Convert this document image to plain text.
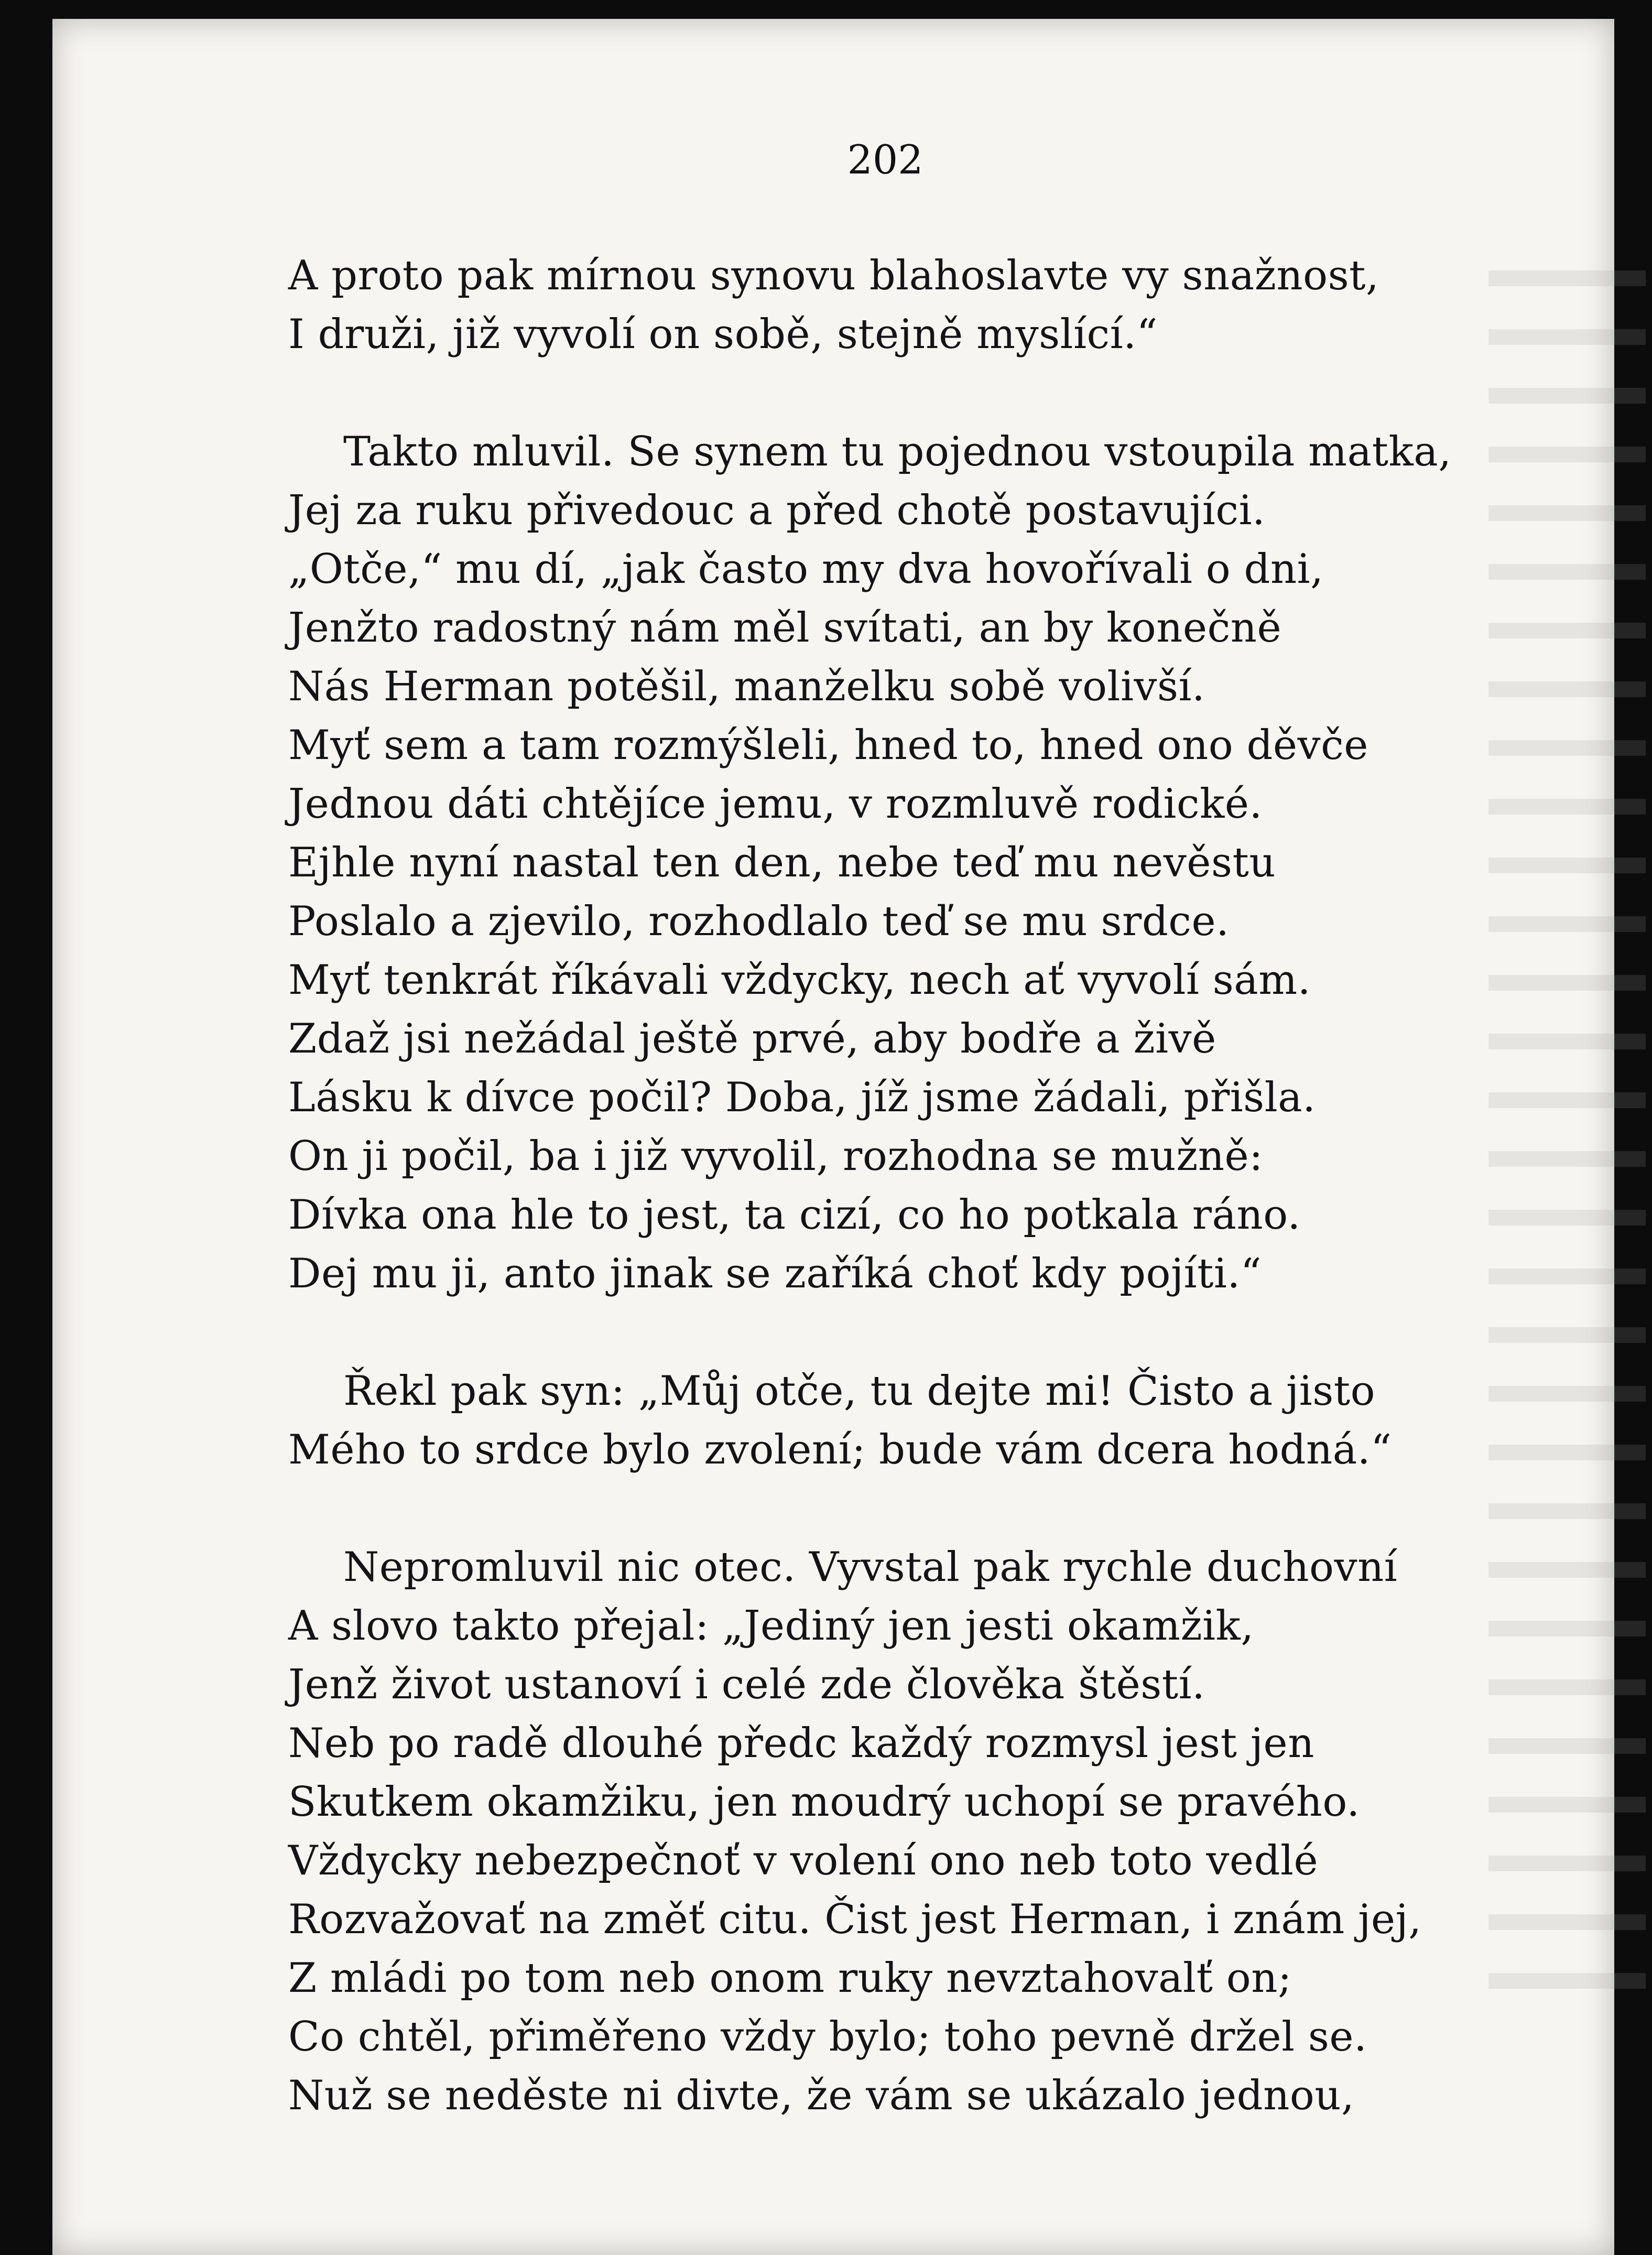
202
A proto pak mírnou synovu blahoslavte vy snažnost,
I druži, již vyvolí on sobě, stejně myslící.“
Takto mluvil. Se synem tu pojednou vstoupila matka,
Jej za ruku přivedouc a před chotě postavujíci.
„Otče,“ mu dí, „jak často my dva hovořívali o dni,
Jenžto radostný nám měl svítati, an by konečně
Nás Herman potěšil, manželku sobě volivší.
Myť sem a tam rozmýšleli, hned to, hned ono děvče
Jednou dáti chtějíce jemu, v rozmluvě rodické.
Ejhle nyní nastal ten den, nebe teď mu nevěstu
Poslalo a zjevilo, rozhodlalo teď se mu srdce.
Myť tenkrát říkávali vždycky, nech ať vyvolí sám.
Zdaž jsi nežádal ještě prvé, aby bodře a živě
Lásku k dívce počil? Doba, jíž jsme žádali, přišla.
On ji počil, ba i již vyvolil, rozhodna se mužně:
Dívka ona hle to jest, ta cizí, co ho potkala ráno.
Dej mu ji, anto jinak se zaříká choť kdy pojíti.“
Řekl pak syn: „Můj otče, tu dejte mi! Čisto a jisto
Mého to srdce bylo zvolení; bude vám dcera hodná.“
Nepromluvil nic otec. Vyvstal pak rychle duchovní
A slovo takto přejal: „Jediný jen jesti okamžik,
Jenž život ustanoví i celé zde člověka štěstí.
Neb po radě dlouhé předc každý rozmysl jest jen
Skutkem okamžiku, jen moudrý uchopí se pravého.
Vždycky nebezpečnoť v volení ono neb toto vedlé
Rozvažovať na změť citu. Čist jest Herman, i znám jej,
Z mládi po tom neb onom ruky nevztahovalť on;
Co chtěl, přiměřeno vždy bylo; toho pevně držel se.
Nuž se neděste ni divte, že vám se ukázalo jednou,
